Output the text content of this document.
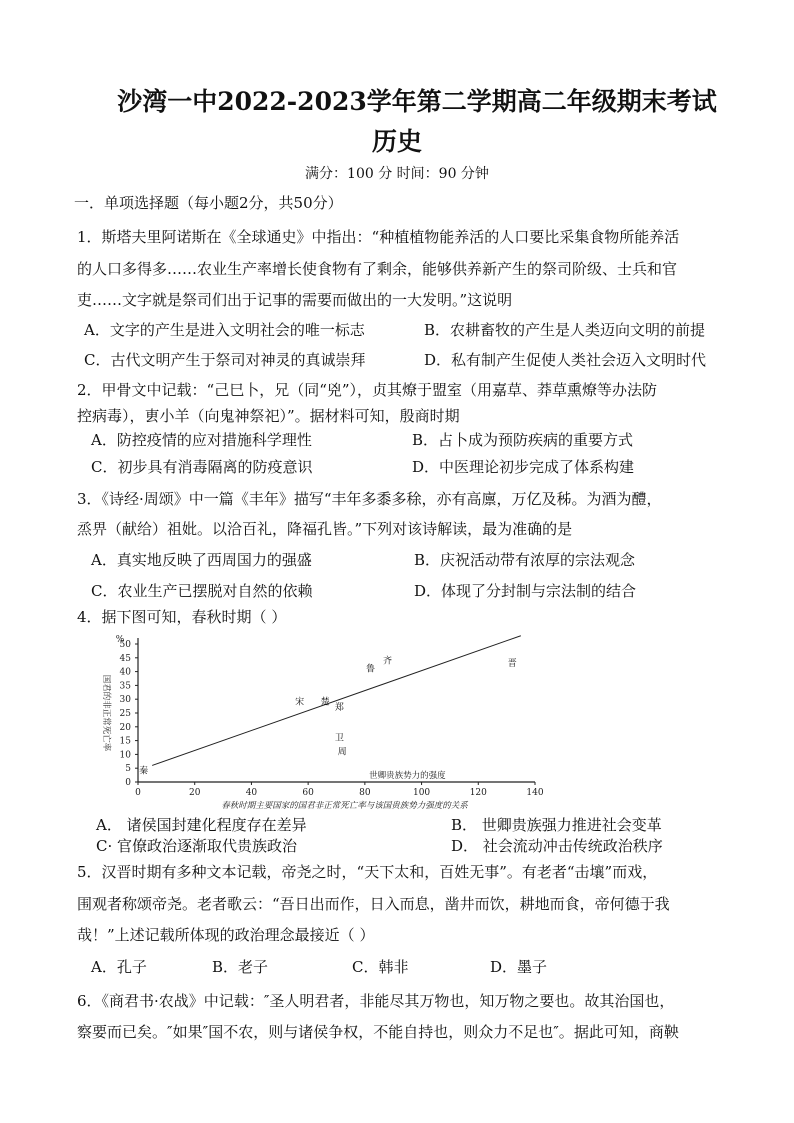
沙湾一中2022-2023学年第二学期高二年级期末考试
历史
满分：100 分 时间：90 分钟
一．单项选择题（每小题2分，共50分）
1．斯塔夫里阿诺斯在《全球通史》中指出：“种植植物能养活的人口要比采集食物所能养活
的人口多得多……农业生产率增长使食物有了剩余，能够供养新产生的祭司阶级、士兵和官
吏……文字就是祭司们出于记事的需要而做出的一大发明。”这说明
A．文字的产生是进入文明社会的唯一标志	B．农耕畜牧的产生是人类迈向文明的前提
C．古代文明产生于祭司对神灵的真诚崇拜	D．私有制产生促使人类社会迈入文明时代
2．甲骨文中记载：“己巳卜，兄（同“兇”），贞其燎于盟室（用嘉草、莽草熏燎等办法防
控病毒），叀小羊（向鬼神祭祀）”。据材料可知，殷商时期
A．防控疫情的应对措施科学理性	B．占卜成为预防疾病的重要方式
C．初步具有消毒隔离的防疫意识	D．中医理论初步完成了体系构建
3．《诗经·周颂》中一篇《丰年》描写“丰年多黍多稌，亦有高廪，万亿及秭。为酒为醴，
烝畀（献给）祖妣。以洽百礼，降福孔皆。”下列对该诗解读，最为准确的是
A．真实地反映了西周国力的强盛	B．庆祝活动带有浓厚的宗法观念
C．农业生产已摆脱对自然的依赖	D．体现了分封制与宗法制的结合
4．据下图可知，春秋时期（ ）
0
5
10
15
20
25
30
35
40
45
50
%
0	20	40	60	80	100	120	140
国君的非正常死亡率
世卿贵族势力的强度
秦
宋 楚
郑
鲁
齐
卫
周
晋
春秋时期主要国家的国君非正常死亡率与该国贵族势力强度的关系
A． 诸侯国封建化程度存在差异	B． 世卿贵族强力推进社会变革
C· 官僚政治逐渐取代贵族政治	D． 社会流动冲击传统政治秩序
5．汉晋时期有多种文本记载，帝尧之时，“天下太和，百姓无事”。有老者“击壤”而戏，
围观者称颂帝尧。老者歌云：“吾日出而作，日入而息，凿井而饮，耕地而食，帝何德于我
哉！”上述记载所体现的政治理念最接近（ ）
A．孔子	B．老子	C．韩非	D．墨子
6．《商君书·农战》中记载：″圣人明君者，非能尽其万物也，知万物之要也。故其治国也，
察要而已矣。″如果″国不农，则与诸侯争权，不能自持也，则众力不足也″。据此可知，商鞅
